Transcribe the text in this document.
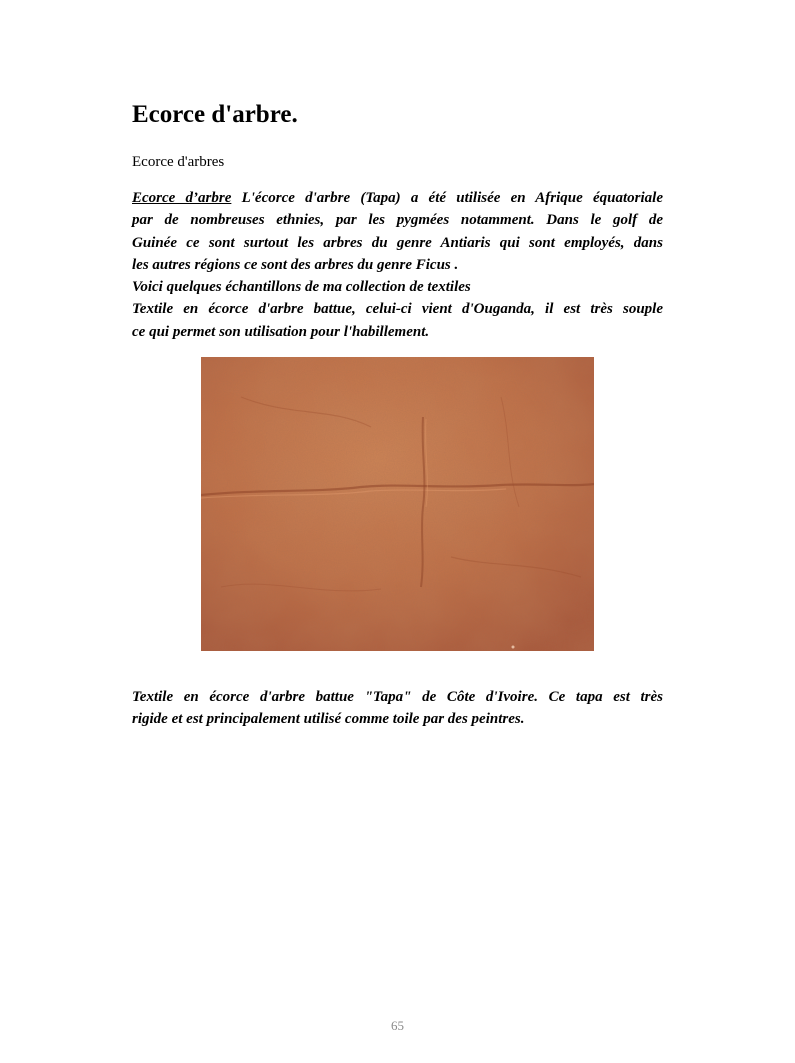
Ecorce d'arbre.

Ecorce d'arbres

Ecorce d’arbre L'écorce d'arbre (Tapa) a été utilisée en Afrique équatoriale
par de nombreuses ethnies, par les pygmées notamment. Dans le golf de
Guinée ce sont surtout les arbres du genre Antiaris qui sont employés, dans
les autres régions ce sont des arbres du genre Ficus .
Voici quelques échantillons de ma collection de textiles
Textile en écorce d'arbre battue, celui-ci vient d'Ouganda, il est très souple
ce qui permet son utilisation pour l'habillement.
Textile en écorce d'arbre battue "Tapa" de Côte d'Ivoire. Ce tapa est très
rigide et est principalement utilisé comme toile par des peintres.

65
